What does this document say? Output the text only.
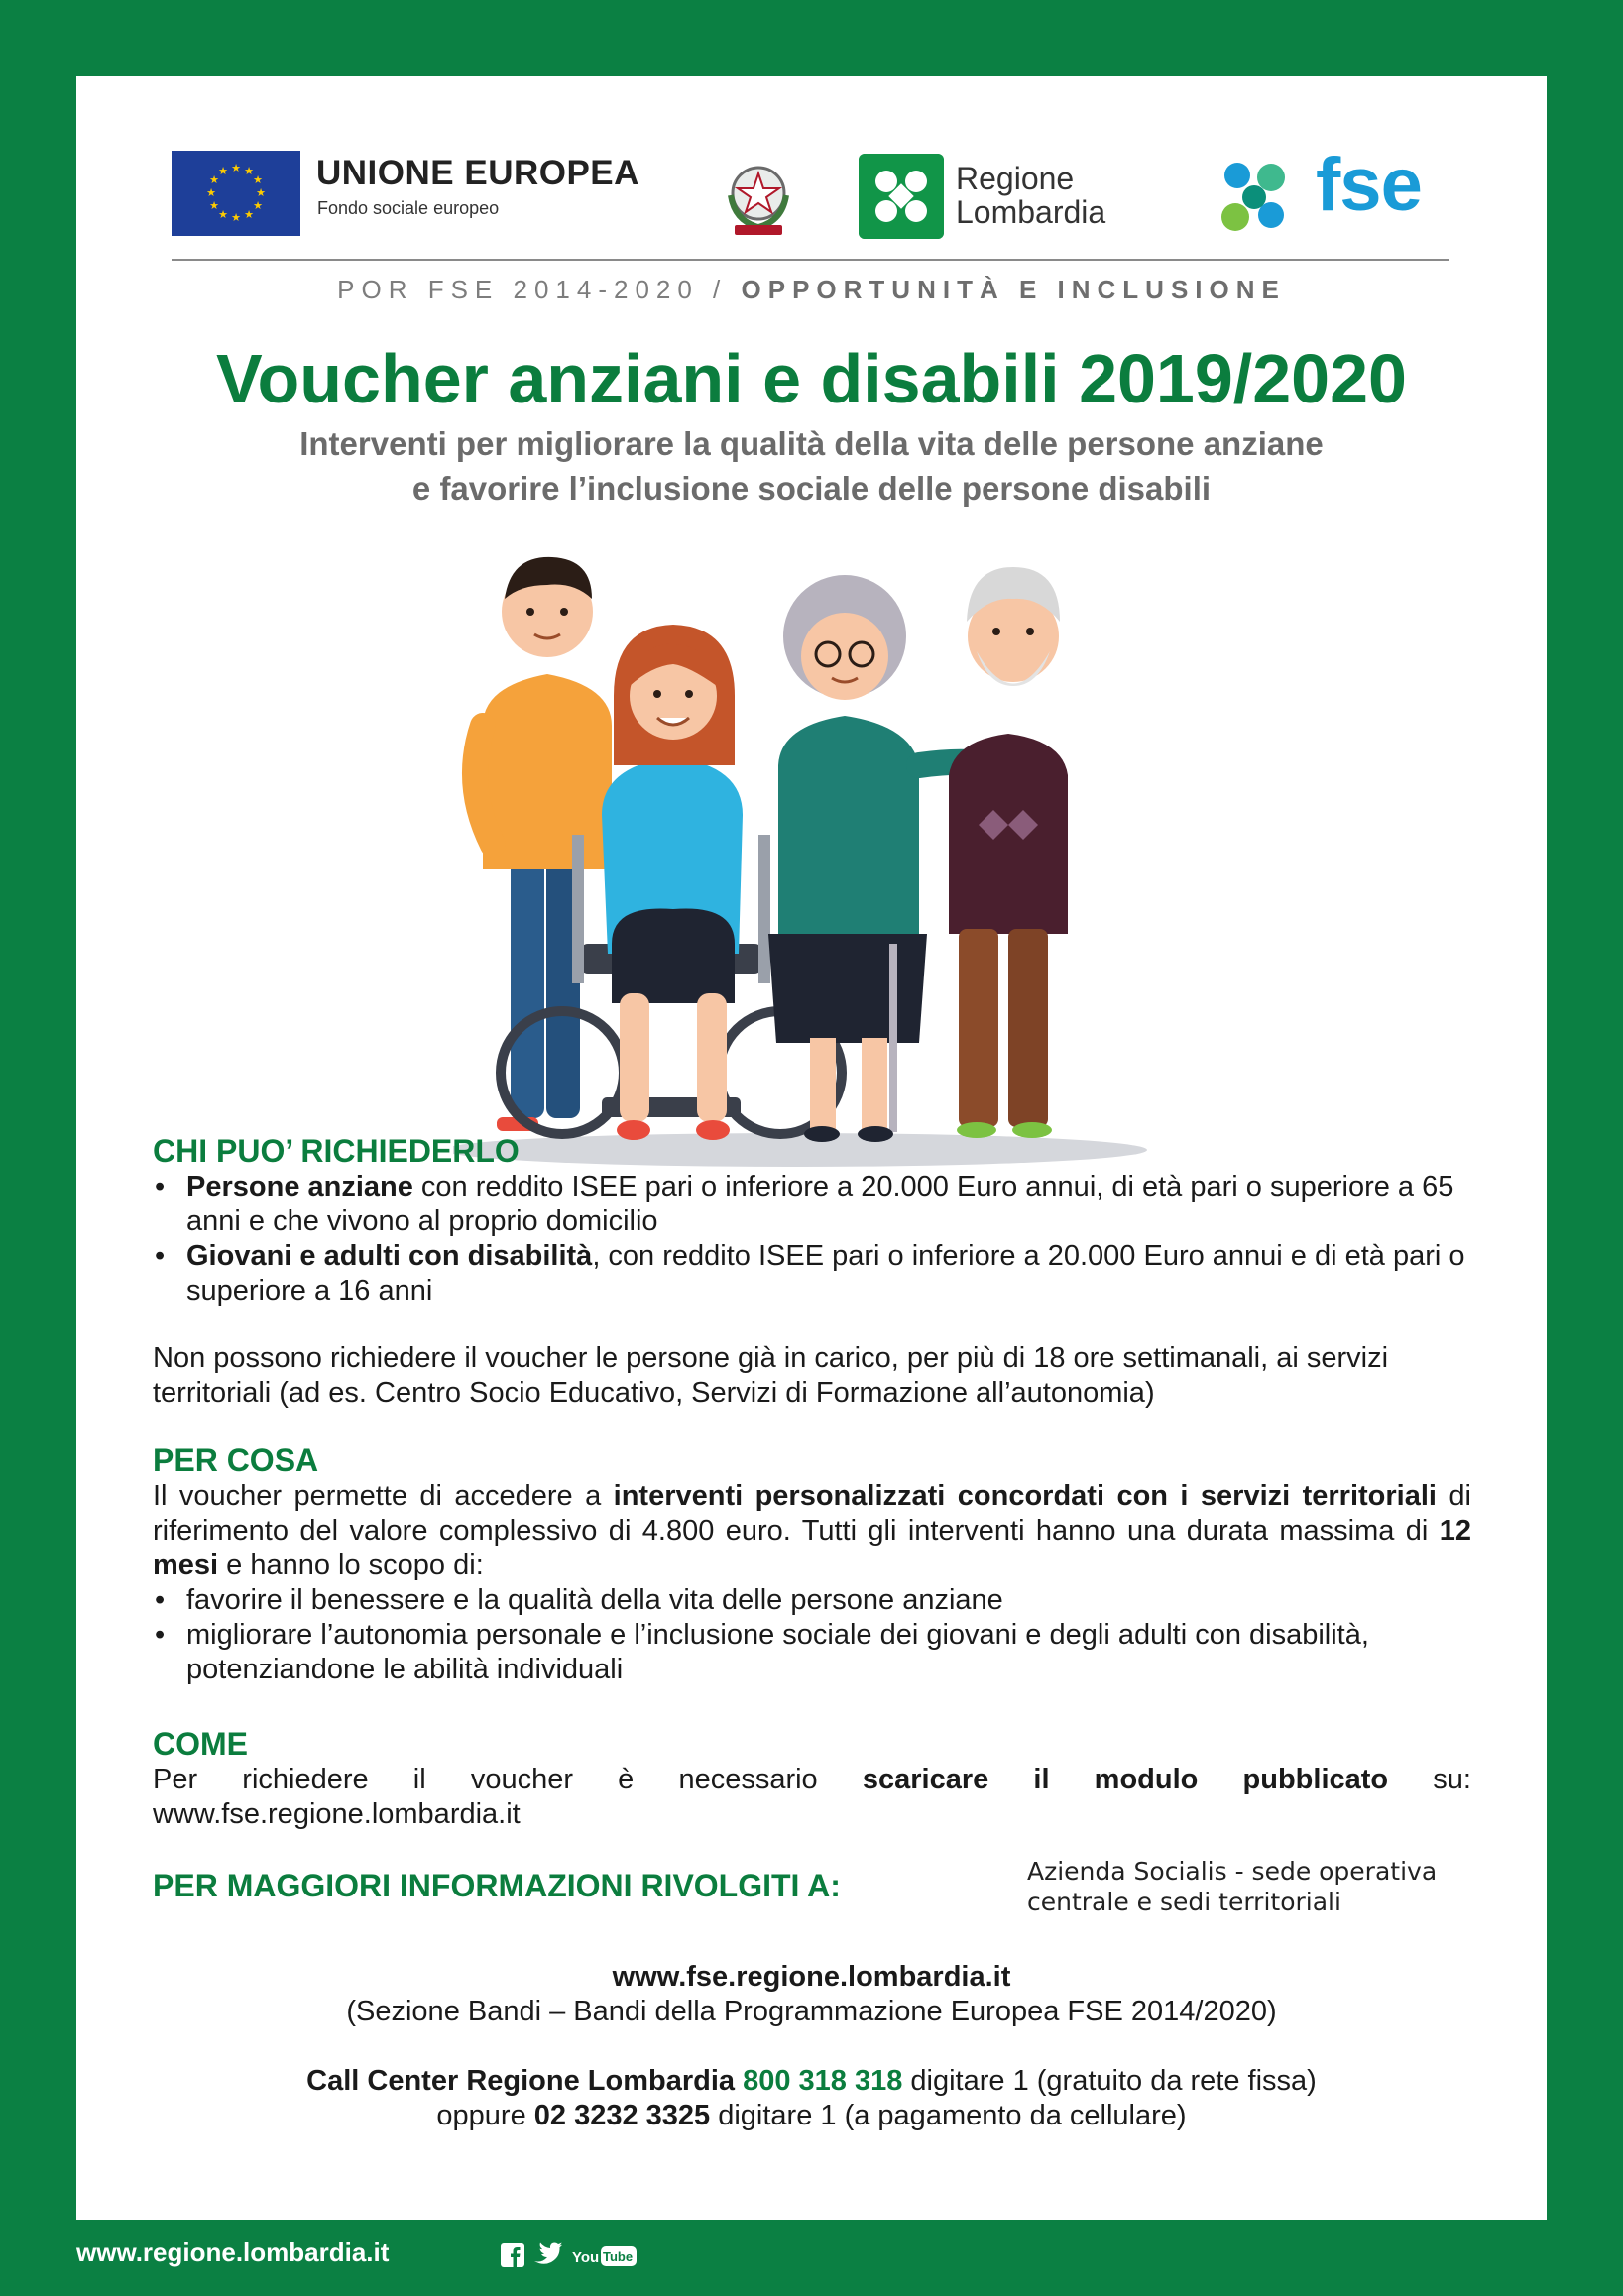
★ ★
★
★
★
★
★
★
★
★
★
★	UNIONE EUROPEA
Fondo sociale europeo
Regione
Lombardia	fse
POR FSE 2014-2020 / OPPORTUNITÀ E INCLUSIONE
Voucher anziani e disabili 2019/2020
Interventi per migliorare la qualità della vita delle persone anziane
e favorire l’inclusione sociale delle persone disabili
CHI PUO’ RICHIEDERLO
• Persone anziane con reddito ISEE pari o inferiore a 20.000 Euro annui, di età pari o superiore a 65 anni e che vivono al proprio domicilio
• Giovani e adulti con disabilità, con reddito ISEE pari o inferiore a 20.000 Euro annui e di età pari o superiore a 16 anni
Non possono richiedere il voucher le persone già in carico, per più di 18 ore settimanali, ai servizi territoriali (ad es. Centro Socio Educativo, Servizi di Formazione all’autonomia)
PER COSA
Il voucher permette di accedere a interventi personalizzati concordati con i servizi territoriali di riferimento del valore complessivo di 4.800 euro. Tutti gli interventi hanno una durata massima di 12 mesi e hanno lo scopo di:
• favorire il benessere e la qualità della vita delle persone anziane
• migliorare l’autonomia personale e l’inclusione sociale dei giovani e degli adulti con disabilità, potenziandone le abilità individuali
COME
Per richiedere il voucher è necessario scaricare il modulo pubblicato su:
www.fse.regione.lombardia.it
PER MAGGIORI INFORMAZIONI RIVOLGITI A:	Azienda Socialis - sede operativa
centrale e sedi territoriali
www.fse.regione.lombardia.it
(Sezione Bandi – Bandi della Programmazione Europea FSE 2014/2020)
Call Center Regione Lombardia 800 318 318 digitare 1 (gratuito da rete fissa)
oppure 02 3232 3325 digitare 1 (a pagamento da cellulare)
www.regione.lombardia.it	You Tube
